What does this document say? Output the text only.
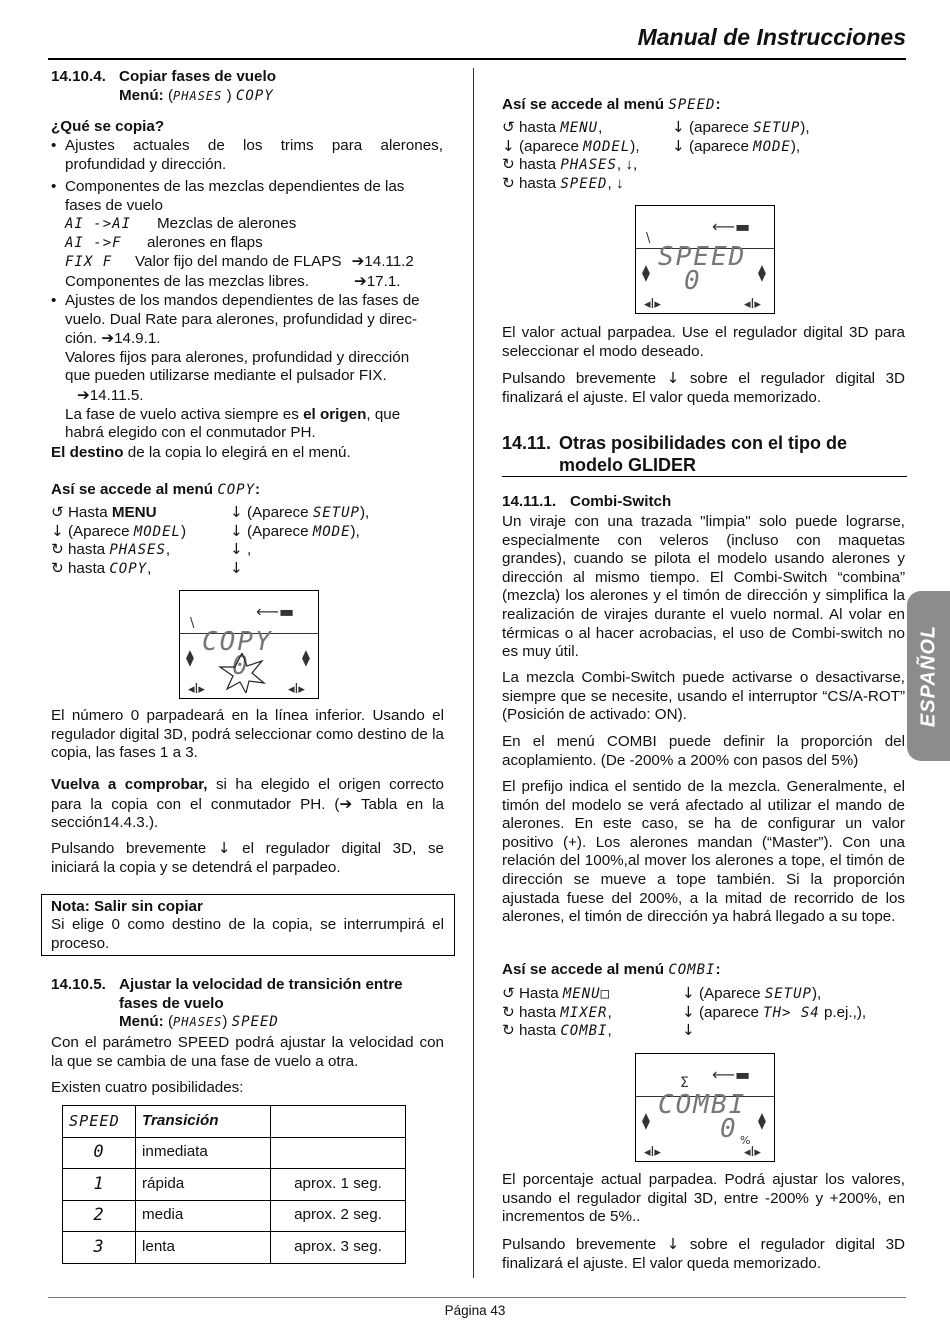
Manual de Instrucciones
ESPAÑOL
14.10.4. Copiar fases de vuelo
Menú: (PHASES ) COPY
¿Qué se copia?
• Ajustes actuales de los trims para alerones, profundidad y dirección.
• Componentes de las mezclas dependientes de las
fases de vuelo
AI ->AI Mezclas de alerones
AI ->F alerones en flaps
FIX F Valor fijo del mando de FLAPS ➔14.11.2
Componentes de las mezclas libres.	➔17.1.
• Ajustes de los mandos dependientes de las fases de
vuelo. Dual Rate para alerones, profundidad y direc-
ción. ➔14.9.1.
Valores fijos para alerones, profundidad y dirección
que pueden utilizarse mediante el pulsador FIX.
➔14.11.5.
La fase de vuelo activa siempre es el origen, que
habrá elegido con el conmutador PH.
El destino de la copia lo elegirá en el menú.
Así se accede al menú COPY:
↺ Hasta MENU	↓ (Aparece SETUP),
↓ (Aparece MODEL)	↓ (Aparece MODE),
↻ hasta PHASES,	↓ ,
↻ hasta COPY,	↓
⟵▬
\
COPY
0
⧫	⧫
◂I▸	◂I▸
El número 0 parpadeará en la línea inferior. Usando el regulador digital 3D, podrá seleccionar como destino de la copia, las fases 1 a 3.
Vuelva a comprobar, si ha elegido el origen correcto para la copia con el conmutador PH. (➔ Tabla en la sección14.4.3.).
Pulsando brevemente ↓ el regulador digital 3D, se iniciará la copia y se detendrá el parpadeo.
Nota: Salir sin copiar
Si elige 0 como destino de la copia, se interrumpirá el proceso.
14.10.5. Ajustar la velocidad de transición entre
fases de vuelo
Menú: (PHASES) SPEED
Con el parámetro SPEED podrá ajustar la velocidad con la que se cambia de una fase de vuelo a otra.
Existen cuatro posibilidades:
SPEED	Transición	
0	inmediata	
1	rápida	aprox. 1 seg.
2	media	aprox. 2 seg.
3	lenta	aprox. 3 seg.
Así se accede al menú SPEED:
↺ hasta MENU,	↓ (aparece SETUP),
↓ (aparece MODEL), ↓ (aparece MODE),
↻ hasta PHASES, ↓,
↻ hasta SPEED, ↓
⟵▬
\
SPEED
0
⧫	⧫
◂I▸	◂I▸
El valor actual parpadea. Use el regulador digital 3D para seleccionar el modo deseado.
Pulsando brevemente ↓ sobre el regulador digital 3D finalizará el ajuste. El valor queda memorizado.
14.11. Otras posibilidades con el tipo de
modelo GLIDER
14.11.1. Combi-Switch
Un viraje con una trazada "limpia" solo puede lograrse, especialmente con veleros (incluso con maquetas grandes), cuando se pilota el modelo usando alerones y dirección al mismo tiempo. El Combi-Switch “combina” (mezcla) los alerones y el timón de dirección y simplifica la realización de virajes durante el vuelo normal. Al volar en térmicas o al hacer acrobacias, el uso de Combi-switch no es muy útil.
La mezcla Combi-Switch puede activarse o desactivarse, siempre que se necesite, usando el interruptor “CS/A-ROT” (Posición de activado: ON).
En el menú COMBI puede definir la proporción del acoplamiento. (De -200% a 200% con pasos del 5%)
El prefijo indica el sentido de la mezcla. Generalmente, el timón del modelo se verá afectado al utilizar el mando de alerones. En este caso, se ha de configurar un valor positivo (+). Los alerones mandan (“Master”). Con una relación del 100%,al mover los alerones a tope, el timón de dirección se mueve a tope también. Si la proporción ajustada fuese del 200%, a la mitad de recorrido de los alerones, el timón de dirección ya habrá llegado a su tope.
Así se accede al menú COMBI:
↺ Hasta MENU□	↓ (Aparece SETUP),
↻ hasta MIXER,	↓ (aparece TH> S4 p.ej.,),
↻ hasta COMBI,	↓
Σ ⟵▬
COMBI
0 %
⧫	⧫
◂I▸	◂I▸
El porcentaje actual parpadea. Podrá ajustar los valores, usando el regulador digital 3D, entre -200% y +200%, en incrementos de 5%..
Pulsando brevemente ↓ sobre el regulador digital 3D finalizará el ajuste. El valor queda memorizado.
Página 43
